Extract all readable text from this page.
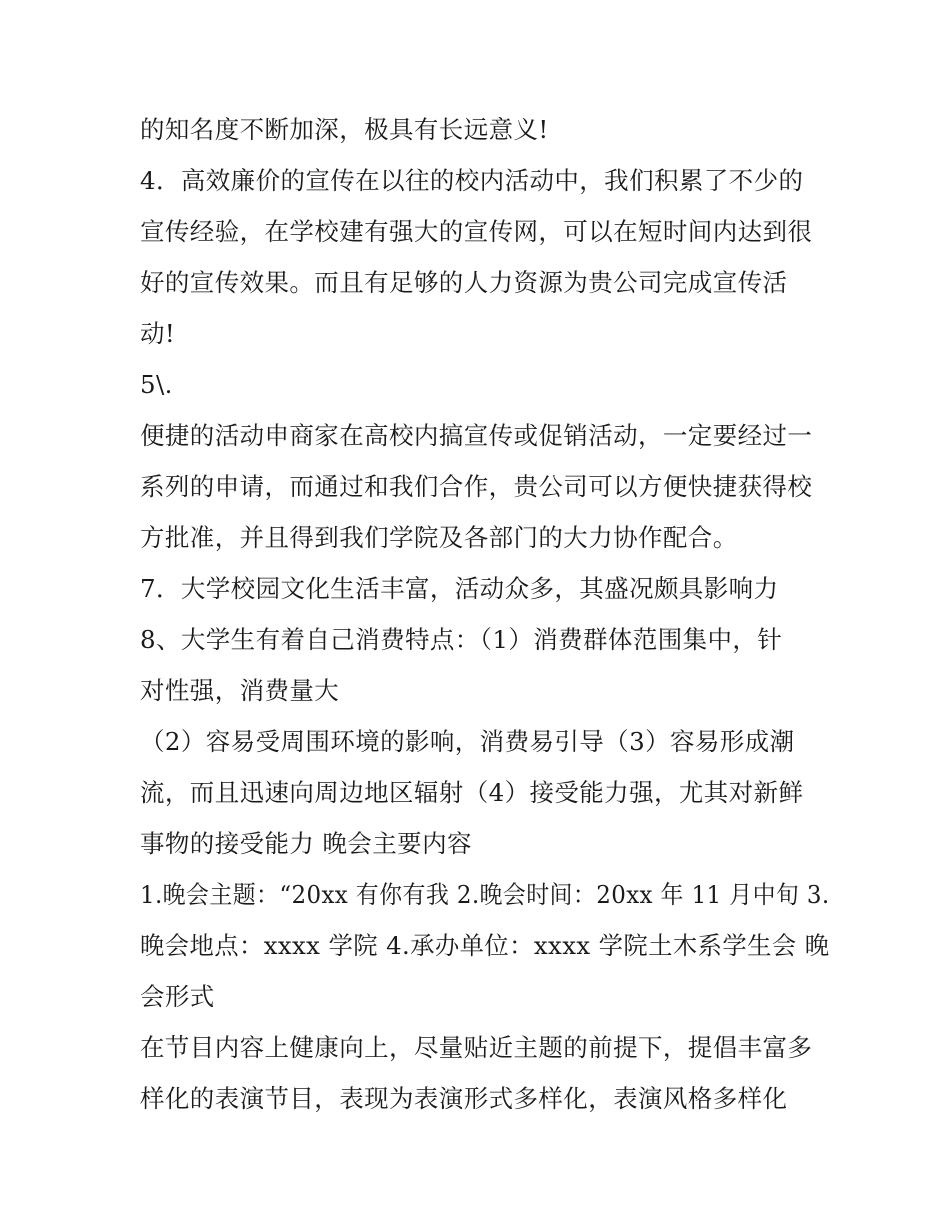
的知名度不断加深，极具有长远意义!
4．高效廉价的宣传在以往的校内活动中，我们积累了不少的
宣传经验，在学校建有强大的宣传网，可以在短时间内达到很
好的宣传效果。而且有足够的人力资源为贵公司完成宣传活
动!
5\.
便捷的活动申商家在高校内搞宣传或促销活动，一定要经过一
系列的申请，而通过和我们合作，贵公司可以方便快捷获得校
方批准，并且得到我们学院及各部门的大力协作配合。
7．大学校园文化生活丰富，活动众多，其盛况颇具影响力
8、大学生有着自己消费特点：（1）消费群体范围集中，针
对性强，消费量大
（2）容易受周围环境的影响，消费易引导（3）容易形成潮
流，而且迅速向周边地区辐射（4）接受能力强，尤其对新鲜
事物的接受能力 晚会主要内容
1.晚会主题：“20xx 有你有我 2.晚会时间：20xx 年 11 月中旬 3.
晚会地点：xxxx 学院 4.承办单位：xxxx 学院土木系学生会 晚
会形式
在节目内容上健康向上，尽量贴近主题的前提下，提倡丰富多
样化的表演节目，表现为表演形式多样化，表演风格多样化
